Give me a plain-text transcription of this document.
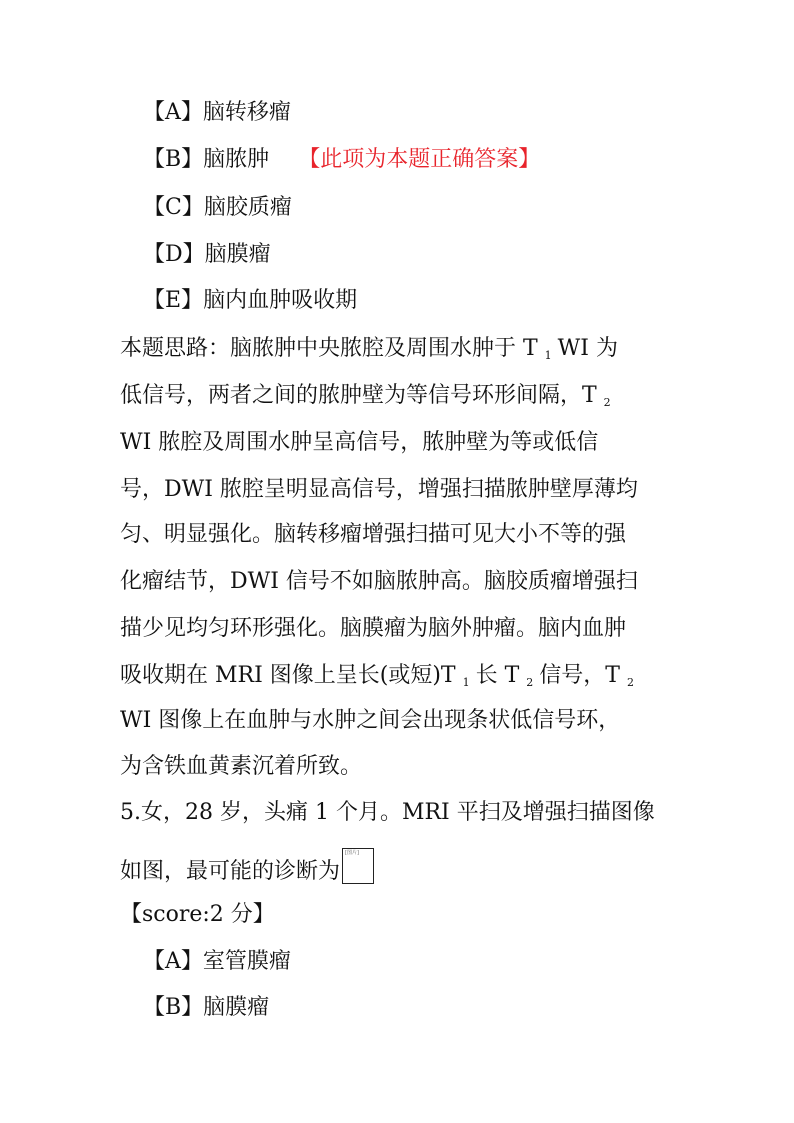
【A】脑转移瘤
【B】脑脓肿 【此项为本题正确答案】
【C】脑胶质瘤
【D】脑膜瘤
【E】脑内血肿吸收期
本题思路：脑脓肿中央脓腔及周围水肿于 T $_1$ WI 为
低信号，两者之间的脓肿壁为等信号环形间隔，T $_2$
WI 脓腔及周围水肿呈高信号，脓肿壁为等或低信
号，DWI 脓腔呈明显高信号，增强扫描脓肿壁厚薄均
匀、明显强化。脑转移瘤增强扫描可见大小不等的强
化瘤结节，DWI 信号不如脑脓肿高。脑胶质瘤增强扫
描少见均匀环形强化。脑膜瘤为脑外肿瘤。脑内血肿
吸收期在 MRI 图像上呈长(或短)T $_1$ 长 T $_2$ 信号，T $_2$
WI 图像上在血肿与水肿之间会出现条状低信号环，
为含铁血黄素沉着所致。
5.女，28 岁，头痛 1 个月。MRI 平扫及增强扫描图像
如图，最可能的诊断为
[图片]
【score:2 分】
【A】室管膜瘤
【B】脑膜瘤
